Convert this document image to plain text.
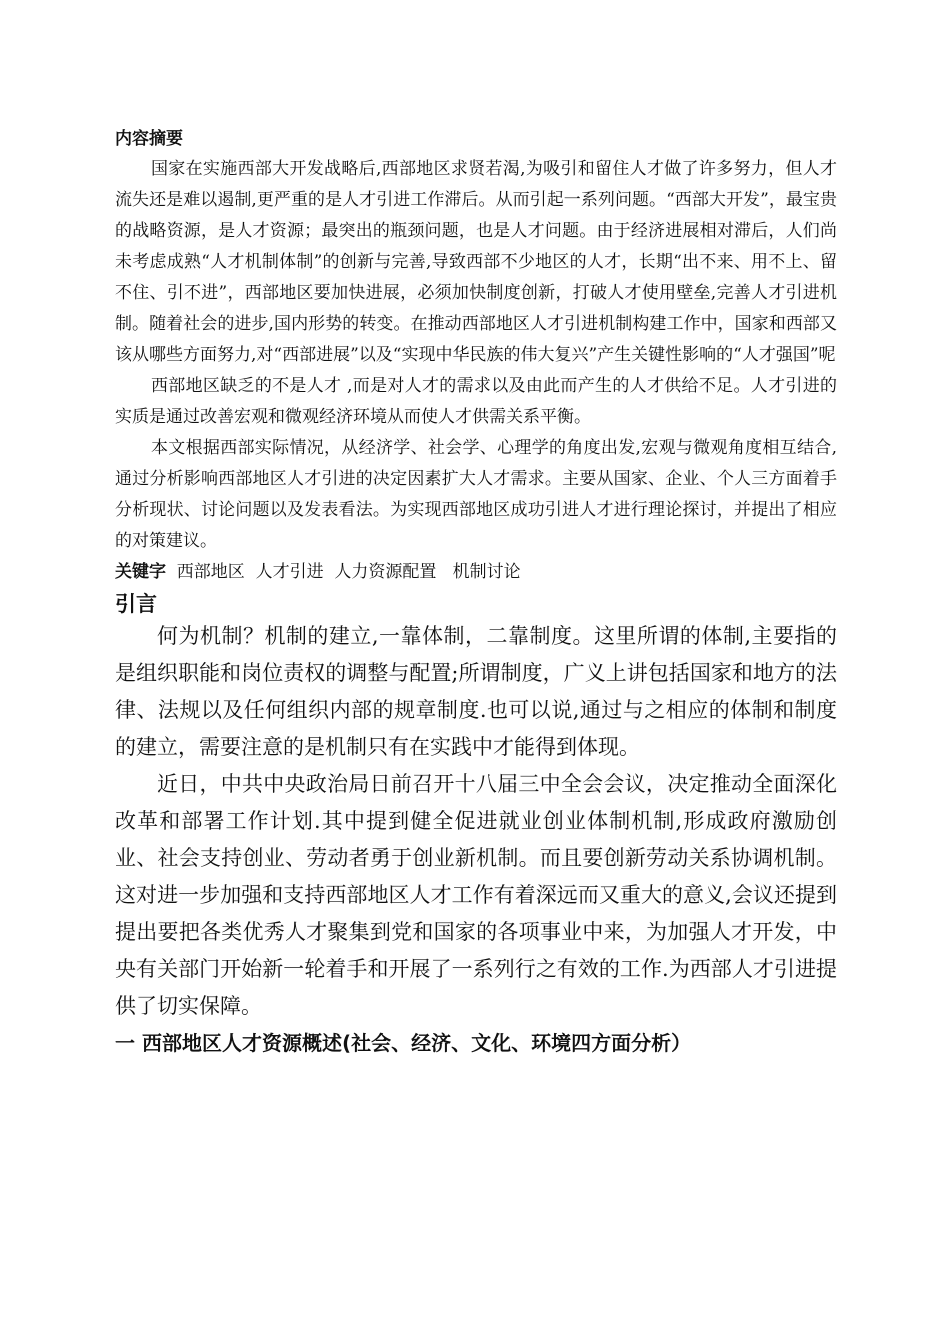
内容摘要

国家在实施西部大开发战略后,西部地区求贤若渴,为吸引和留住人才做了许多努力，但人才流失还是难以遏制,更严重的是人才引进工作滞后。从而引起一系列问题。“西部大开发”，最宝贵的战略资源，是人才资源；最突出的瓶颈问题，也是人才问题。由于经济进展相对滞后，人们尚未考虑成熟“人才机制体制”的创新与完善,导致西部不少地区的人才，长期“出不来、用不上、留不住、引不进”，西部地区要加快进展，必须加快制度创新，打破人才使用壁垒,完善人才引进机制。随着社会的进步,国内形势的转变。在推动西部地区人才引进机制构建工作中，国家和西部又该从哪些方面努力,对“西部进展”以及“实现中华民族的伟大复兴”产生关键性影响的“人才强国”呢

西部地区缺乏的不是人才 ,而是对人才的需求以及由此而产生的人才供给不足。人才引进的实质是通过改善宏观和微观经济环境从而使人才供需关系平衡。

本文根据西部实际情况，从经济学、社会学、心理学的角度出发,宏观与微观角度相互结合,通过分析影响西部地区人才引进的决定因素扩大人才需求。主要从国家、企业、个人三方面着手分析现状、讨论问题以及发表看法。为实现西部地区成功引进人才进行理论探讨，并提出了相应的对策建议。

关键字  西部地区  人才引进  人力资源配置   机制讨论

引言

何为机制？机制的建立,一靠体制，二靠制度。这里所谓的体制,主要指的是组织职能和岗位责权的调整与配置;所谓制度，广义上讲包括国家和地方的法律、法规以及任何组织内部的规章制度.也可以说,通过与之相应的体制和制度的建立，需要注意的是机制只有在实践中才能得到体现。

近日，中共中央政治局日前召开十八届三中全会会议，决定推动全面深化改革和部署工作计划.其中提到健全促进就业创业体制机制,形成政府激励创业、社会支持创业、劳动者勇于创业新机制。而且要创新劳动关系协调机制。这对进一步加强和支持西部地区人才工作有着深远而又重大的意义,会议还提到提出要把各类优秀人才聚集到党和国家的各项事业中来，为加强人才开发，中央有关部门开始新一轮着手和开展了一系列行之有效的工作.为西部人才引进提供了切实保障。

一 西部地区人才资源概述(社会、经济、文化、环境四方面分析）
